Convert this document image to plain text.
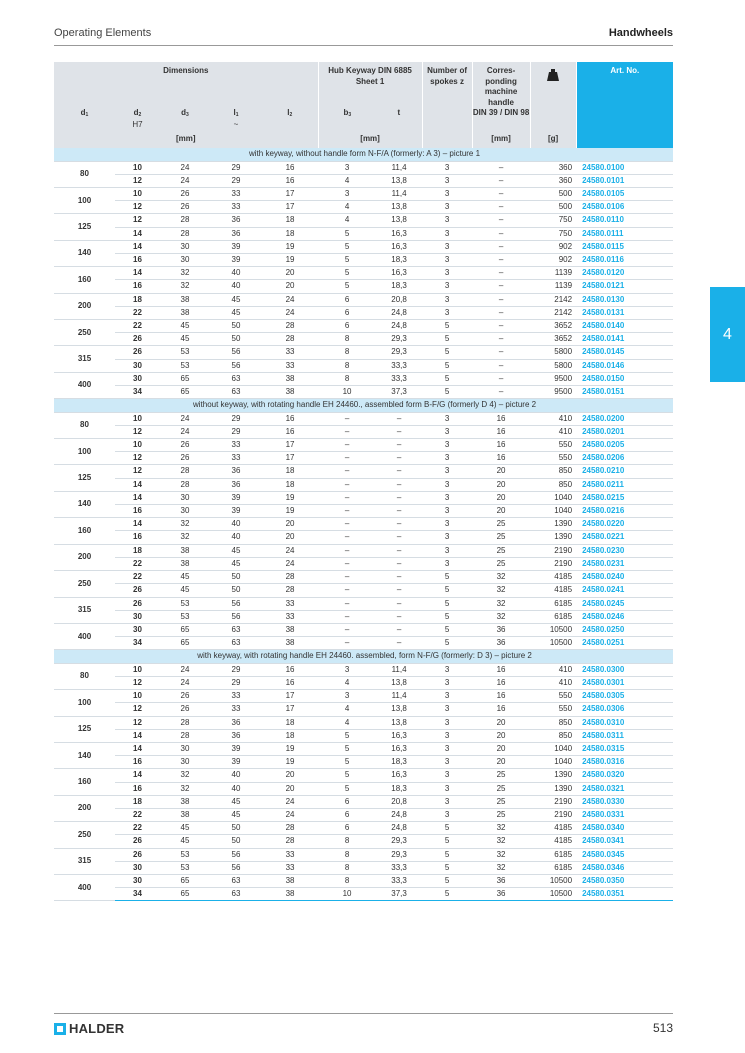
Operating Elements	Handwheels
4
Dimensions					Hub Keyway DIN 6885 Sheet 1		Number of spokes z	Corres-ponding machine handle		Art. No.
$d_1$	$d_2$
H7	$d_3$	$l_1$
~	$l_2$	$b_3$	t		DIN 39 / DIN 98		
[mm]					[mm]			[mm]	[g]	
with keyway, without handle form N-F/A (formerly: A 3) – picture 1										
80	10	24	29	16	3	11,4	3	–	360	24580.0100
	12	24	29	16	4	13,8	3	–	360	24580.0101
100	10	26	33	17	3	11,4	3	–	500	24580.0105
	12	26	33	17	4	13,8	3	–	500	24580.0106
125	12	28	36	18	4	13,8	3	–	750	24580.0110
	14	28	36	18	5	16,3	3	–	750	24580.0111
140	14	30	39	19	5	16,3	3	–	902	24580.0115
	16	30	39	19	5	18,3	3	–	902	24580.0116
160	14	32	40	20	5	16,3	3	–	1139	24580.0120
	16	32	40	20	5	18,3	3	–	1139	24580.0121
200	18	38	45	24	6	20,8	3	–	2142	24580.0130
	22	38	45	24	6	24,8	3	–	2142	24580.0131
250	22	45	50	28	6	24,8	5	–	3652	24580.0140
	26	45	50	28	8	29,3	5	–	3652	24580.0141
315	26	53	56	33	8	29,3	5	–	5800	24580.0145
	30	53	56	33	8	33,3	5	–	5800	24580.0146
400	30	65	63	38	8	33,3	5	–	9500	24580.0150
	34	65	63	38	10	37,3	5	–	9500	24580.0151
without keyway, with rotating handle EH 24460., assembled form B-F/G (formerly D 4) – picture 2										
80	10	24	29	16	–	–	3	16	410	24580.0200
	12	24	29	16	–	–	3	16	410	24580.0201
100	10	26	33	17	–	–	3	16	550	24580.0205
	12	26	33	17	–	–	3	16	550	24580.0206
125	12	28	36	18	–	–	3	20	850	24580.0210
	14	28	36	18	–	–	3	20	850	24580.0211
140	14	30	39	19	–	–	3	20	1040	24580.0215
	16	30	39	19	–	–	3	20	1040	24580.0216
160	14	32	40	20	–	–	3	25	1390	24580.0220
	16	32	40	20	–	–	3	25	1390	24580.0221
200	18	38	45	24	–	–	3	25	2190	24580.0230
	22	38	45	24	–	–	3	25	2190	24580.0231
250	22	45	50	28	–	–	5	32	4185	24580.0240
	26	45	50	28	–	–	5	32	4185	24580.0241
315	26	53	56	33	–	–	5	32	6185	24580.0245
	30	53	56	33	–	–	5	32	6185	24580.0246
400	30	65	63	38	–	–	5	36	10500	24580.0250
	34	65	63	38	–	–	5	36	10500	24580.0251
with keyway, with rotating handle EH 24460. assembled, form N-F/G (formerly: D 3) – picture 2										
80	10	24	29	16	3	11,4	3	16	410	24580.0300
	12	24	29	16	4	13,8	3	16	410	24580.0301
100	10	26	33	17	3	11,4	3	16	550	24580.0305
	12	26	33	17	4	13,8	3	16	550	24580.0306
125	12	28	36	18	4	13,8	3	20	850	24580.0310
	14	28	36	18	5	16,3	3	20	850	24580.0311
140	14	30	39	19	5	16,3	3	20	1040	24580.0315
	16	30	39	19	5	18,3	3	20	1040	24580.0316
160	14	32	40	20	5	16,3	3	25	1390	24580.0320
	16	32	40	20	5	18,3	3	25	1390	24580.0321
200	18	38	45	24	6	20,8	3	25	2190	24580.0330
	22	38	45	24	6	24,8	3	25	2190	24580.0331
250	22	45	50	28	6	24,8	5	32	4185	24580.0340
	26	45	50	28	8	29,3	5	32	4185	24580.0341
315	26	53	56	33	8	29,3	5	32	6185	24580.0345
	30	53	56	33	8	33,3	5	32	6185	24580.0346
400	30	65	63	38	8	33,3	5	36	10500	24580.0350
	34	65	63	38	10	37,3	5	36	10500	24580.0351
HALDER	513
